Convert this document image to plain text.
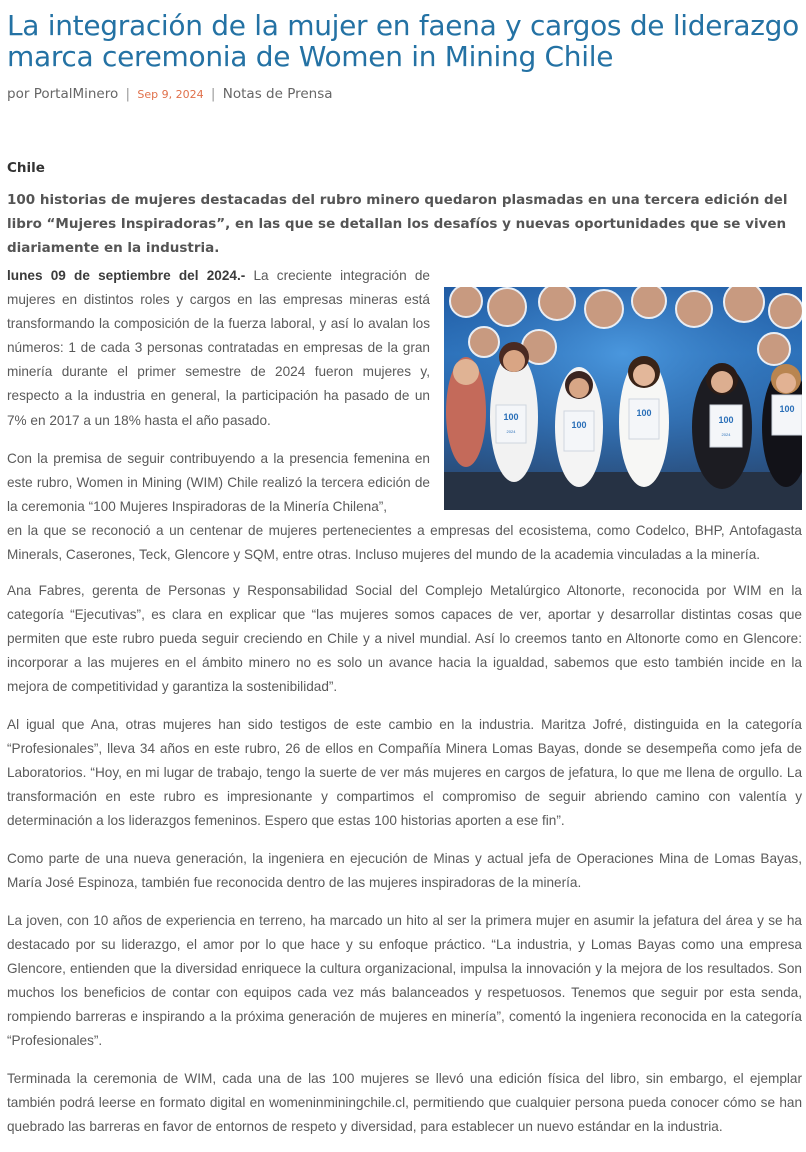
La integración de la mujer en faena y cargos de liderazgo marca ceremonia de Women in Mining Chile
por PortalMinero | Sep 9, 2024 | Notas de Prensa
Chile
100 historias de mujeres destacadas del rubro minero quedaron plasmadas en una tercera edición del libro “Mujeres Inspiradoras”, en las que se detallan los desafíos y nuevas oportunidades que se viven diariamente en la industria.

lunes 09 de septiembre del 2024.- La creciente integración de mujeres en distintos roles y cargos en las empresas mineras está transformando la composición de la fuerza laboral, y así lo avalan los números: 1 de cada 3 personas contratadas en empresas de la gran minería durante el primer semestre de 2024 fueron mujeres y, respecto a la industria en general, la participación ha pasado de un 7% en 2017 a un 18% hasta el año pasado.	100
2024
100
100
100
2024
100

Con la premisa de seguir contribuyendo a la presencia femenina en este rubro, Women in Mining (WIM) Chile realizó la tercera edición de la ceremonia “100 Mujeres Inspiradoras de la Minería Chilena”,
en la que se reconoció a un centenar de mujeres pertenecientes a empresas del ecosistema, como Codelco, BHP, Antofagasta Minerals, Caserones, Teck, Glencore y SQM, entre otras. Incluso mujeres del mundo de la academia vinculadas a la minería.

Ana Fabres, gerenta de Personas y Responsabilidad Social del Complejo Metalúrgico Altonorte, reconocida por WIM en la categoría “Ejecutivas”, es clara en explicar que “las mujeres somos capaces de ver, aportar y desarrollar distintas cosas que permiten que este rubro pueda seguir creciendo en Chile y a nivel mundial. Así lo creemos tanto en Altonorte como en Glencore: incorporar a las mujeres en el ámbito minero no es solo un avance hacia la igualdad, sabemos que esto también incide en la mejora de competitividad y garantiza la sostenibilidad”.

Al igual que Ana, otras mujeres han sido testigos de este cambio en la industria. Maritza Jofré, distinguida en la categoría “Profesionales”, lleva 34 años en este rubro, 26 de ellos en Compañía Minera Lomas Bayas, donde se desempeña como jefa de Laboratorios. “Hoy, en mi lugar de trabajo, tengo la suerte de ver más mujeres en cargos de jefatura, lo que me llena de orgullo. La transformación en este rubro es impresionante y compartimos el compromiso de seguir abriendo camino con valentía y determinación a los liderazgos femeninos. Espero que estas 100 historias aporten a ese fin”.

Como parte de una nueva generación, la ingeniera en ejecución de Minas y actual jefa de Operaciones Mina de Lomas Bayas, María José Espinoza, también fue reconocida dentro de las mujeres inspiradoras de la minería.

La joven, con 10 años de experiencia en terreno, ha marcado un hito al ser la primera mujer en asumir la jefatura del área y se ha destacado por su liderazgo, el amor por lo que hace y su enfoque práctico. “La industria, y Lomas Bayas como una empresa Glencore, entienden que la diversidad enriquece la cultura organizacional, impulsa la innovación y la mejora de los resultados. Son muchos los beneficios de contar con equipos cada vez más balanceados y respetuosos. Tenemos que seguir por esta senda, rompiendo barreras e inspirando a la próxima generación de mujeres en minería”, comentó la ingeniera reconocida en la categoría “Profesionales”.

Terminada la ceremonia de WIM, cada una de las 100 mujeres se llevó una edición física del libro, sin embargo, el ejemplar también podrá leerse en formato digital en womeninminingchile.cl, permitiendo que cualquier persona pueda conocer cómo se han quebrado las barreras en favor de entornos de respeto y diversidad, para establecer un nuevo estándar en la industria.
